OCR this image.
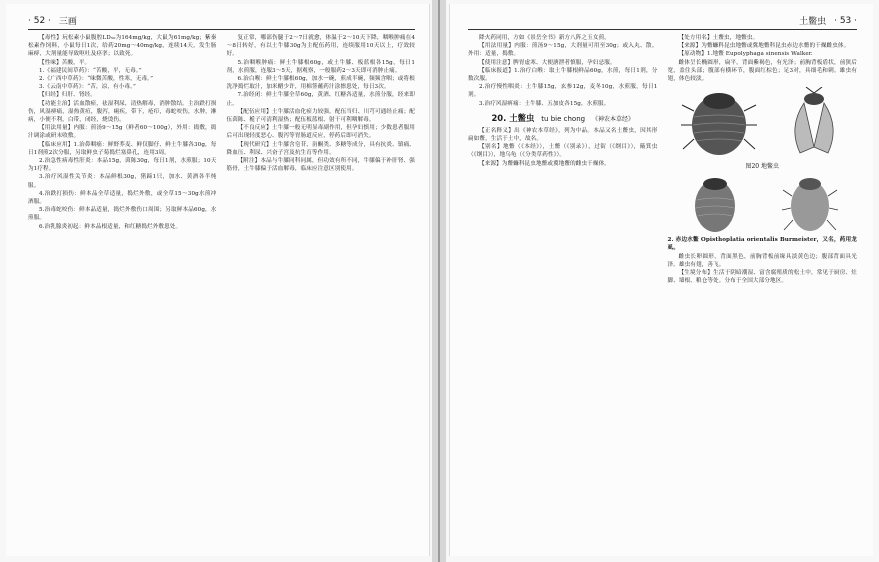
· 52 · 三画

【毒性】玩松素小鼠腹腔LD₅₀为164mg/kg，大鼠为61mg/kg；紫秦松素作饲料，小鼠每日1次，给药20mg～40mg/kg，连续14天，发生肠麻痹，大剂量能导致呕吐及痉挛；以致死。

【性味】苦酸，平。

1.《福建民间草药》：“苦酸，平，无毒。”

2.《广西中草药》：“味微苦酸，性寒，无毒。”

3.《云南中草药》：“苦，凉，有小毒。”

【归经】归肝、肾经。

【功能主治】活血散瘀，祛湿利尿，清热解毒，消肿散结。主治跌打损伤，风湿痹痛，湿热黄疸，腹泻，痢疾，带下，疮疖，毒蛇咬伤，水肿，淋病，小便不利，白带，闭经，烧烫伤。

【用法用量】内服：煎汤9～15g（鲜者60～100g），外用：捣敷，捣汁调涂或研末收敷。

【临床应用】1.治鼻咽癌：鲜野荞麦、鲜仅脚仔、鲜土牛膝各30g，每日1剂煎2次分服，另取鲜虫子菊捣烂塞鼻孔，连用3周。

2.治急性病毒性肝炎：本品15g，茵陈30g，每日1剂，水煎服；10天为1疗程。

3.治疗风湿性关节炎：本品鲜根30g，猪蹄1只，加水、黄酒各半炖服。

4.治跌打损伤：鲜本品全草适量，捣烂外敷，或全草15～30g水煎冲酒服。

5.治毒蛇咬伤：鲜本品适量，捣烂外敷伤口周围；另取鲜本品60g，水煎服。

6.治乳腺炎初起：鲜本品根适量，和红糖捣烂外敷患处。

复正常，哪部伤腿于2～7日就愈，体温于2～10天下降，咽喉肿痛在4～8日转好，有以土牛膝30g为主配伍药用，连续服用10天以上，疗效较好。

5.治咽喉肿痛：鲜土牛膝根60g，或土牛膝、板蓝根各15g，每日1剂，水煎服，连服3～5天，据观察，一般服药2～3天即可消肿止痛。

6.治白喉：鲜土牛膝根60g，加水一碗，煎成半碗，频频含咽；或将根洗净捣烂取汁，加米醋少许，用棉签蘸药汁涂擦患处，每日3次。

7.治经闭：鲜土牛膝全草60g，黄酒、红糖各适量，水煎分服，经来即止。

【配伍应用】土牛膝活血化瘀力较强，配伍当归、川芎可通经止痛；配伍茵陈、栀子可清利湿热；配伍板蓝根、射干可利咽解毒。

【不良反应】土牛膝一般无明显毒副作用，但孕妇慎用；少数患者服用后可出现轻度恶心、腹泻等胃肠道反应，停药后即可消失。

【现代研究】土牛膝含皂苷、甾酮类、多糖等成分，具有抗炎、镇痛、降血压、利尿、兴奋子宫及抗生育等作用。

【附注】本品与牛膝同科同属，但功效有所不同，牛膝偏于补肝肾、强筋骨，土牛膝偏于活血解毒，临床应注意区别使用。

土鳖虫 · 53 ·

降火药同用，方如《景岳全书》新方八阵之玉女煎。

【用法用量】内服：煎汤9～15g，大剂量可用至30g；或入丸、散。外用：适量，捣敷。

【使用注意】脾胃虚寒、大便溏泄者慎服，孕妇忌服。

【临床报道】1.治疗白喉：取土牛膝根鲜品60g，水煎，每日1剂，分数次服。

2.治疗慢性咽炎：土牛膝15g，玄参12g，麦冬10g，水煎服，每日1剂。

3.治疗风湿痹痛：土牛膝、五加皮各15g，水煎服。

20. 土鳖虫 tu bie chong 《神农本草经》

【正名释义】出《神农本草经》，列为中品。本品又名土鳖虫，因其形扁如鳖，生活于土中，故名。

【别名】地鳖（《本经》），土鳖（《别录》），过街（《纲目》），簸箕虫（《纲目》），地乌龟（《分类草药性》）。

【来源】为鳖蠊科昆虫地鳖或冀地鳖的雌虫干燥体。

【处方用名】土鳖虫，地鳖虫。

【来源】为鳖蠊科昆虫地鳖或冀地鳖科昆虫赤边水鳖的干燥雌虫体。

【原动物】1.地鳖 Eupolyphaga sinensis Walker.

雌体呈长椭圆形，扁平，背面紫褐色，有光泽；前胸背板盾状，前狭后宽，盖住头部；腹部有横环节，腹面红棕色；足3对，具细毛和刺。雄虫有翅，体色较淡。

图20 地鳖虫

2. 赤边水鳖 Opisthoplatia orientalis Burmeister，又名，药用龙虱。

雌虫长卵圆形，背面黑色，前胸背板前缘具淡黄色边；腹部背面具光泽。雄虫有翅，善飞。

【生境分布】生活于阴暗潮湿、富含腐殖质的松土中，常见于厨房、灶脚、墙根、粮仓等处。分布于全国大部分地区。
